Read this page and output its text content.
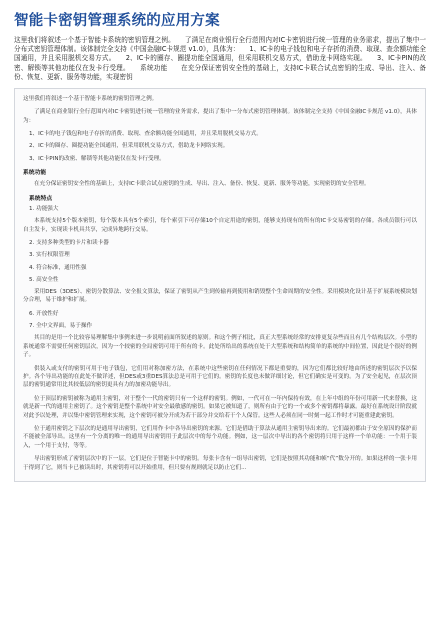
智能卡密钥管理系统的应用方案
这里我们将叙述一个基于智能卡系统的密钥管理之例。　　了满足在商业银行全行范围内对IC卡密钥进行统一管理的业务需求，提出了集中一分布式密钥管理体制。该体制完全支持《中国金融IC卡规范 v1.0》，具体为：　　1、IC卡的电子钱包和电子存折的消费、取现、查余额功能全国通用，并且采用脱机交易方式。　　2、IC卡的圈存、圈提功能全国通用，但采用联机交易方式，借助龙卡网络实现。　　3、IC卡PIN的改密、解锁等其他功能仅在发卡行受理。　　系统功能　　在充分保证密钥安全性的基础上，支持IC卡联合试点密钥的生成、导出、注入、备份、恢复、更新、服务等功能，实现密钥
这里我们将叙述一个基于智能卡系统的密钥管理之例。
了满足在商业银行全行范围内对IC卡密钥进行统一管理的业务需求，提出了集中一分布式密钥管理体制。该体制完全支持《中国金融IC卡规范 v1.0》，具体为：
1、IC卡的电子钱包和电子存折的消费、取现、查余额功能全国通用，并且采用脱机交易方式。
2、IC卡的圈存、圈提功能全国通用，但采用联机交易方式，借助龙卡网络实现。
3、IC卡PIN的改密、解锁等其他功能仅在发卡行受理。
系统功能
在充分保证密钥安全性的基础上，支持IC卡联合试点密钥的生成、导出、注入、备份、恢复、更新、服务等功能，实现密钥的安全管理。
系统特点
1. 功能强大
本系统支持5个版本密钥，每个版本具有5个索引，每个索引下可存储10个自定用途的密钥，能够支持现有的所有的IC卡交易密钥的存储。各成员银行可以自主发卡，实现读卡机具共享，完成异地跨行交易。
2. 支持多种类型的卡片和读卡器
3. 实行权限管理
4. 符合标准，通用性强
5. 高安全性
采用DES（3DES）、密钥分散算法、安全报文算法，保证了密钥从产生到传输再到使用和销毁整个生命周期的安全性。采用模块化设计基于扩展系统模块划分合理，易于维护和扩展。
6. 开放性好
7. 全中文界面，易于操作
其目的是用一个比较容易理解集中事例来进一步说明前面所叙述的原则。和这个例子相比，真正大型系统经常的安排更复杂些而且有几个结构层次。小型的系统通常不需要任何密钥层次，因为一个较密的全局密钥可用于所有的卡。此处所给出的系统在处于大型系统和结构简单的系统的中间位置，因此是个很好的例子。
供装入或支付的密钥可用于电子钱包，它们用对称加密方法，在系统中这些密钥在任何情况下都是重要的，因为它们都比较好地由所述的密钥层次予以保护。各个导出功能的在此处不做详述，但DES或3重DES算法总是可用于它们的。密钥的长度也未做详细讨论，但它们确实是可变的。为了安全起见，在层次顶层的密钥通常用比其较低层的密钥更具有力的加密功能导出。
位于顶层的密钥被称为通用主密钥，对于整个一代的密钥只有一个这样的密钥。例如，一代可在一年内保持有效，在上年中组的年份可用新一代来替换，这就是新一代的通用主密钥了。这个密钥是整个系统中对安全最敏感的密钥。如果它被知道了，则所有由于它的一个或多个密钥都将暴露。最好在系统设计阶段就对此予以处理，并以集中密钥管理来实现，这个密钥可被分开成为若干部分并交给若干个人保管。这些人必须在同一时刻一起工作时才可能重建此密钥。
位于通用密钥之下层次的是通用导出密钥，它们用作卡中各导出密钥的来源。它们是借助于算法从通用主密钥导出来的。它们最初都由于安全原因的保护而不能被全部导出。这里有一个分离的唯一的通用导出密钥用于此层次中的每个功能。例如，这一层次中导出的各个密钥将只用于这样一个单功能：一个用于装入，一个用于支付，等等。
导出密钥形成了密钥层次中的下一层，它们是位于智能卡中的密钥。每张卡含有一组导出密钥，它们是按照其功能和帧“代”数分开的。如果这样的一张卡用于得到了它，则当卡已被读出时，其密钥将可以开始重用，但只要有规则就足以防止它们...
